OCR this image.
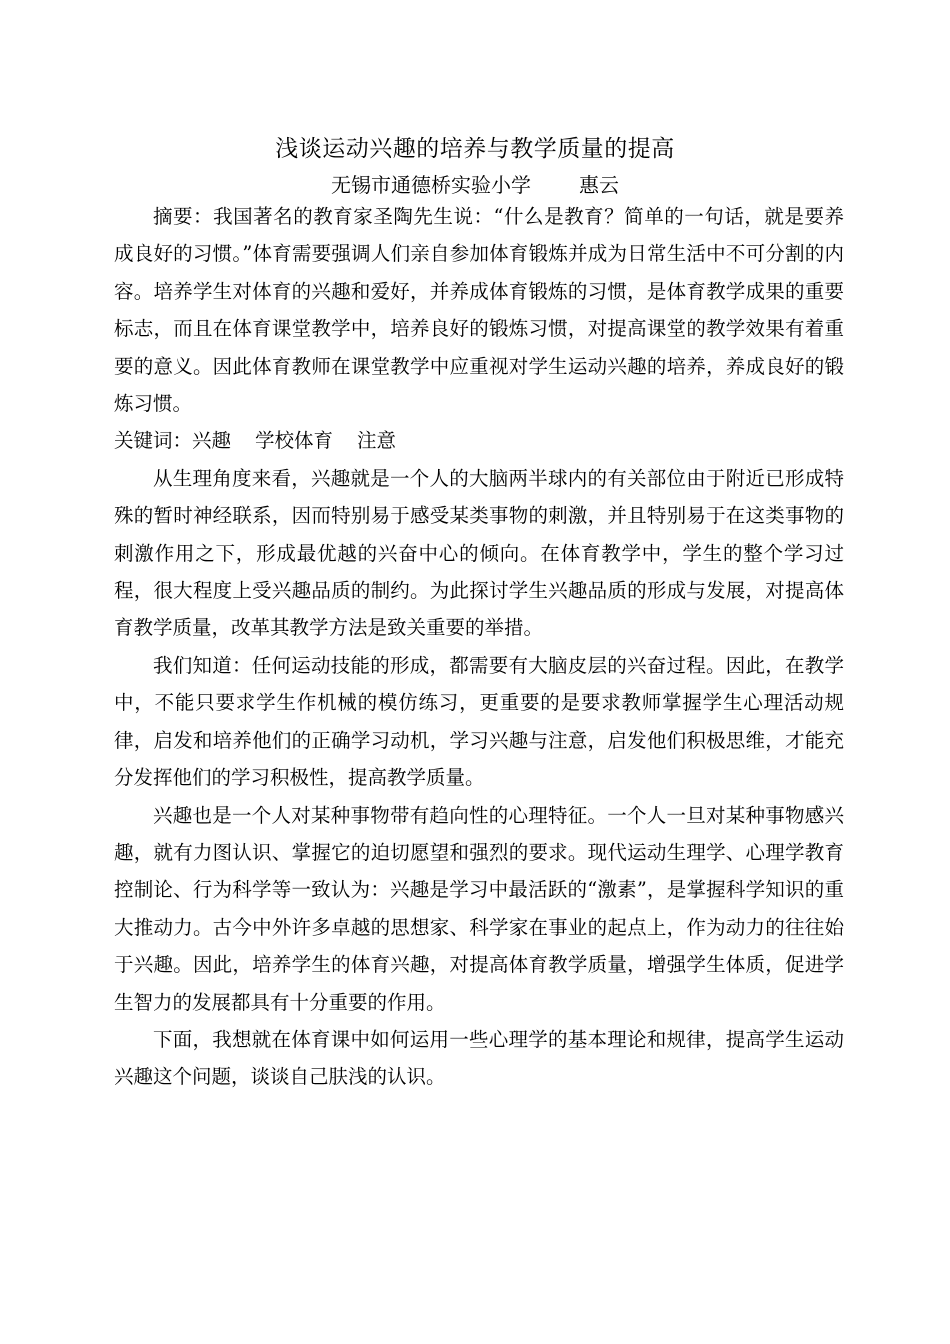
浅谈运动兴趣的培养与教学质量的提高
无锡市通德桥实验小学 惠云

摘要：我国著名的教育家圣陶先生说：“什么是教育？简单的一句话，就是要养成良好的习惯。”体育需要强调人们亲自参加体育锻炼并成为日常生活中不可分割的内容。培养学生对体育的兴趣和爱好，并养成体育锻炼的习惯，是体育教学成果的重要标志，而且在体育课堂教学中，培养良好的锻炼习惯，对提高课堂的教学效果有着重要的意义。因此体育教师在课堂教学中应重视对学生运动兴趣的培养，养成良好的锻炼习惯。

关键词：兴趣 学校体育 注意

从生理角度来看，兴趣就是一个人的大脑两半球内的有关部位由于附近已形成特殊的暂时神经联系，因而特别易于感受某类事物的刺激，并且特别易于在这类事物的刺激作用之下，形成最优越的兴奋中心的倾向。在体育教学中，学生的整个学习过程，很大程度上受兴趣品质的制约。为此探讨学生兴趣品质的形成与发展，对提高体育教学质量，改革其教学方法是致关重要的举措。

我们知道：任何运动技能的形成，都需要有大脑皮层的兴奋过程。因此，在教学中，不能只要求学生作机械的模仿练习，更重要的是要求教师掌握学生心理活动规律，启发和培养他们的正确学习动机，学习兴趣与注意，启发他们积极思维，才能充分发挥他们的学习积极性，提高教学质量。

兴趣也是一个人对某种事物带有趋向性的心理特征。一个人一旦对某种事物感兴趣，就有力图认识、掌握它的迫切愿望和强烈的要求。现代运动生理学、心理学教育控制论、行为科学等一致认为：兴趣是学习中最活跃的“激素”，是掌握科学知识的重大推动力。古今中外许多卓越的思想家、科学家在事业的起点上，作为动力的往往始于兴趣。因此，培养学生的体育兴趣，对提高体育教学质量，增强学生体质，促进学生智力的发展都具有十分重要的作用。

下面，我想就在体育课中如何运用一些心理学的基本理论和规律，提高学生运动兴趣这个问题，谈谈自己肤浅的认识。
